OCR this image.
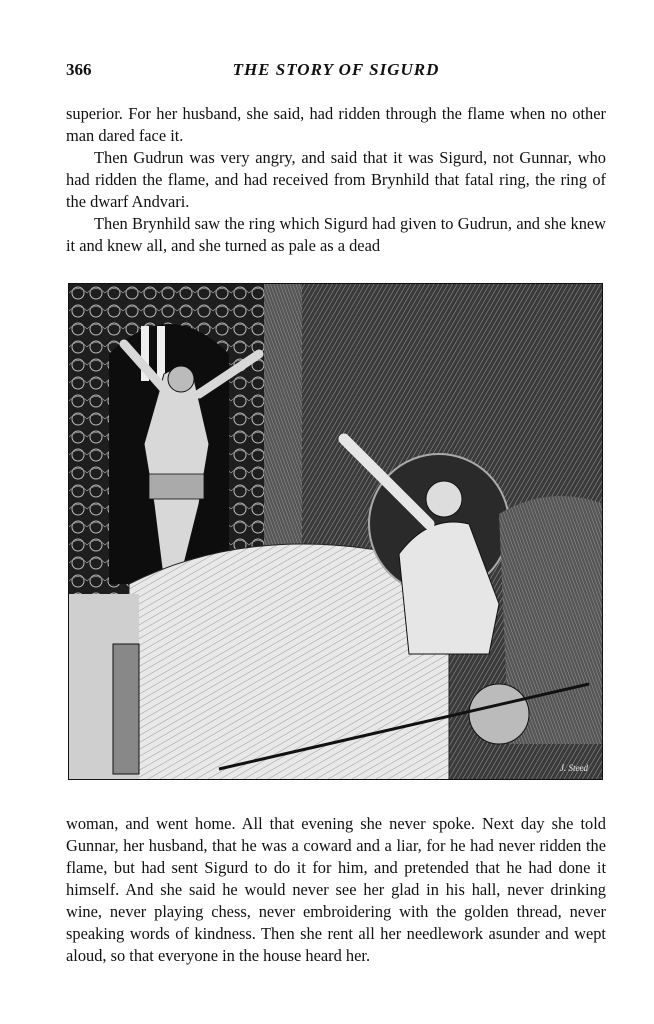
366	THE STORY OF SIGURD

superior. For her husband, she said, had ridden through the flame when no other man dared face it.

Then Gudrun was very angry, and said that it was Sigurd, not Gunnar, who had ridden the flame, and had received from Brynhild that fatal ring, the ring of the dwarf Andvari.

Then Brynhild saw the ring which Sigurd had given to Gudrun, and she knew it and knew all, and she turned as pale as a dead

J. Steed

woman, and went home. All that evening she never spoke. Next day she told Gunnar, her husband, that he was a coward and a liar, for he had never ridden the flame, but had sent Sigurd to do it for him, and pretended that he had done it himself. And she said he would never see her glad in his hall, never drinking wine, never playing chess, never embroidering with the golden thread, never speaking words of kindness. Then she rent all her needlework asunder and wept aloud, so that everyone in the house heard her.
